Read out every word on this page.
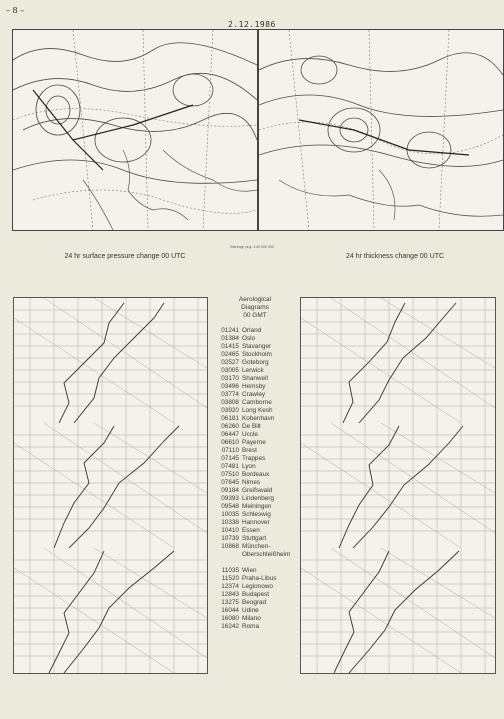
– 8 –
2.12.1986
Stereogr. proj. 1:40 000 000
24 hr surface pressure change 00 UTC	24 hr thickness change 00 UTC
Aerological
Diagrams
00 GMT
01241 Orland
01384 Oslo
01415 Stavanger
02465 Stockholm
02527 Goteborg
03005 Lerwick
03170 Shanwell
03496 Hemsby
03774 Crawley
03808 Camborne
03920 Long Kesh
06181 Kobenhavn
06260 De Bilt
06447 Uccle
06610 Payerne
07110 Brest
07145 Trappes
07481 Lyon
07510 Bordeaux
07645 Nimes
09184 Greifswald
09393 Lindenberg
09548 Meiningen
10035 Schleswig
10338 Hannover
10410 Essen
10739 Stuttgart
10868 München-
Oberschleißheim
11035 Wien
11520 Praha-Libus
12374 Legionowo
12843 Budapest
13275 Beograd
16044 Udine
16080 Milano
16242 Roma
